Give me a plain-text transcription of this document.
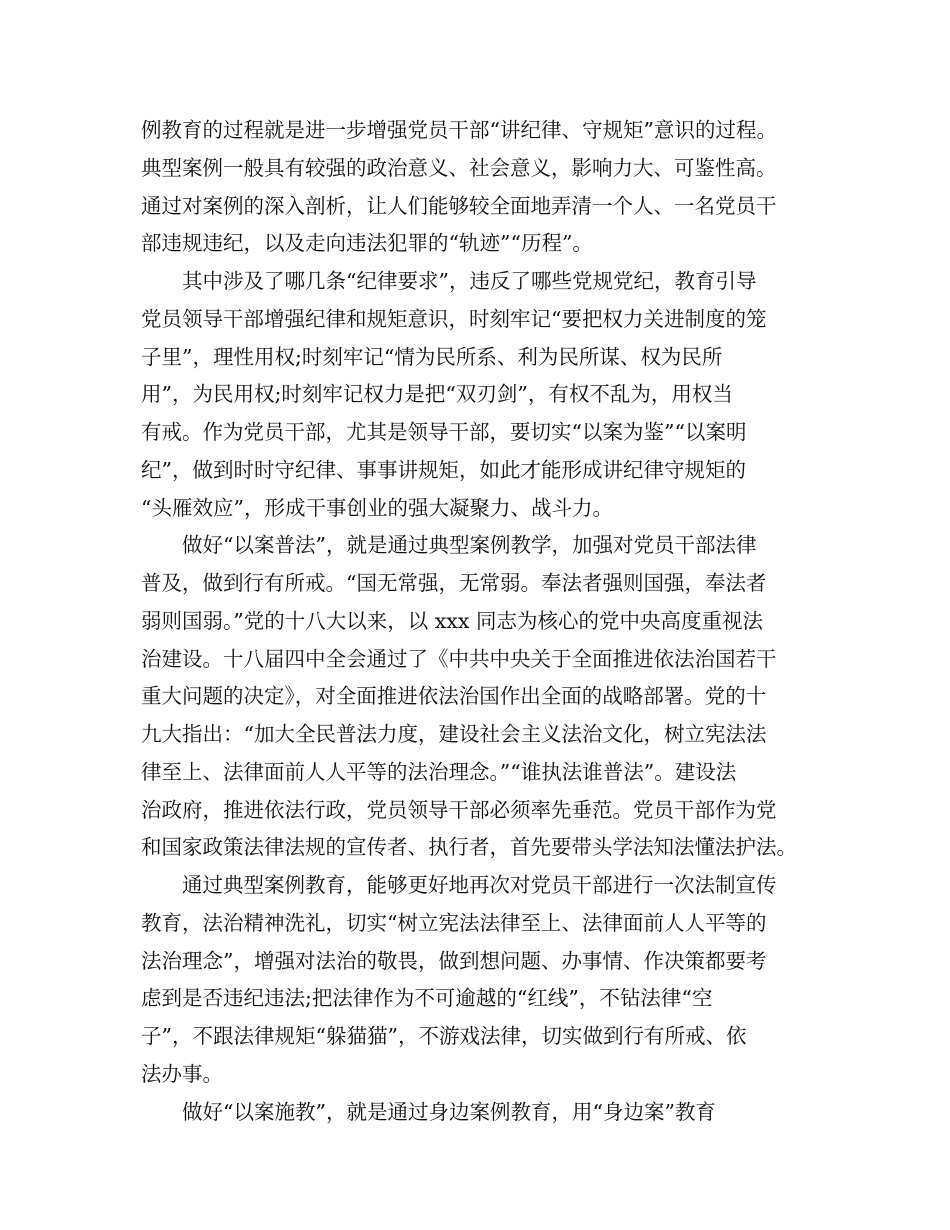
例教育的过程就是进一步增强党员干部“讲纪律、守规矩”意识的过程。
典型案例一般具有较强的政治意义、社会意义，影响力大、可鉴性高。
通过对案例的深入剖析，让人们能够较全面地弄清一个人、一名党员干
部违规违纪，以及走向违法犯罪的“轨迹”“历程”。
其中涉及了哪几条“纪律要求”，违反了哪些党规党纪，教育引导
党员领导干部增强纪律和规矩意识，时刻牢记“要把权力关进制度的笼
子里”，理性用权;时刻牢记“情为民所系、利为民所谋、权为民所
用”，为民用权;时刻牢记权力是把“双刃剑”，有权不乱为，用权当
有戒。作为党员干部，尤其是领导干部，要切实“以案为鉴”“以案明
纪”，做到时时守纪律、事事讲规矩，如此才能形成讲纪律守规矩的
“头雁效应”，形成干事创业的强大凝聚力、战斗力。
做好“以案普法”，就是通过典型案例教学，加强对党员干部法律
普及，做到行有所戒。“国无常强，无常弱。奉法者强则国强，奉法者
弱则国弱。”党的十八大以来，以 xxx 同志为核心的党中央高度重视法
治建设。十八届四中全会通过了《中共中央关于全面推进依法治国若干
重大问题的决定》，对全面推进依法治国作出全面的战略部署。党的十
九大指出：“加大全民普法力度，建设社会主义法治文化，树立宪法法
律至上、法律面前人人平等的法治理念。”“谁执法谁普法”。建设法
治政府，推进依法行政，党员领导干部必须率先垂范。党员干部作为党
和国家政策法律法规的宣传者、执行者，首先要带头学法知法懂法护法。
通过典型案例教育，能够更好地再次对党员干部进行一次法制宣传
教育，法治精神洗礼，切实“树立宪法法律至上、法律面前人人平等的
法治理念”，增强对法治的敬畏，做到想问题、办事情、作决策都要考
虑到是否违纪违法;把法律作为不可逾越的“红线”，不钻法律“空
子”，不跟法律规矩“躲猫猫”，不游戏法律，切实做到行有所戒、依
法办事。
做好“以案施教”，就是通过身边案例教育，用“身边案”教育
